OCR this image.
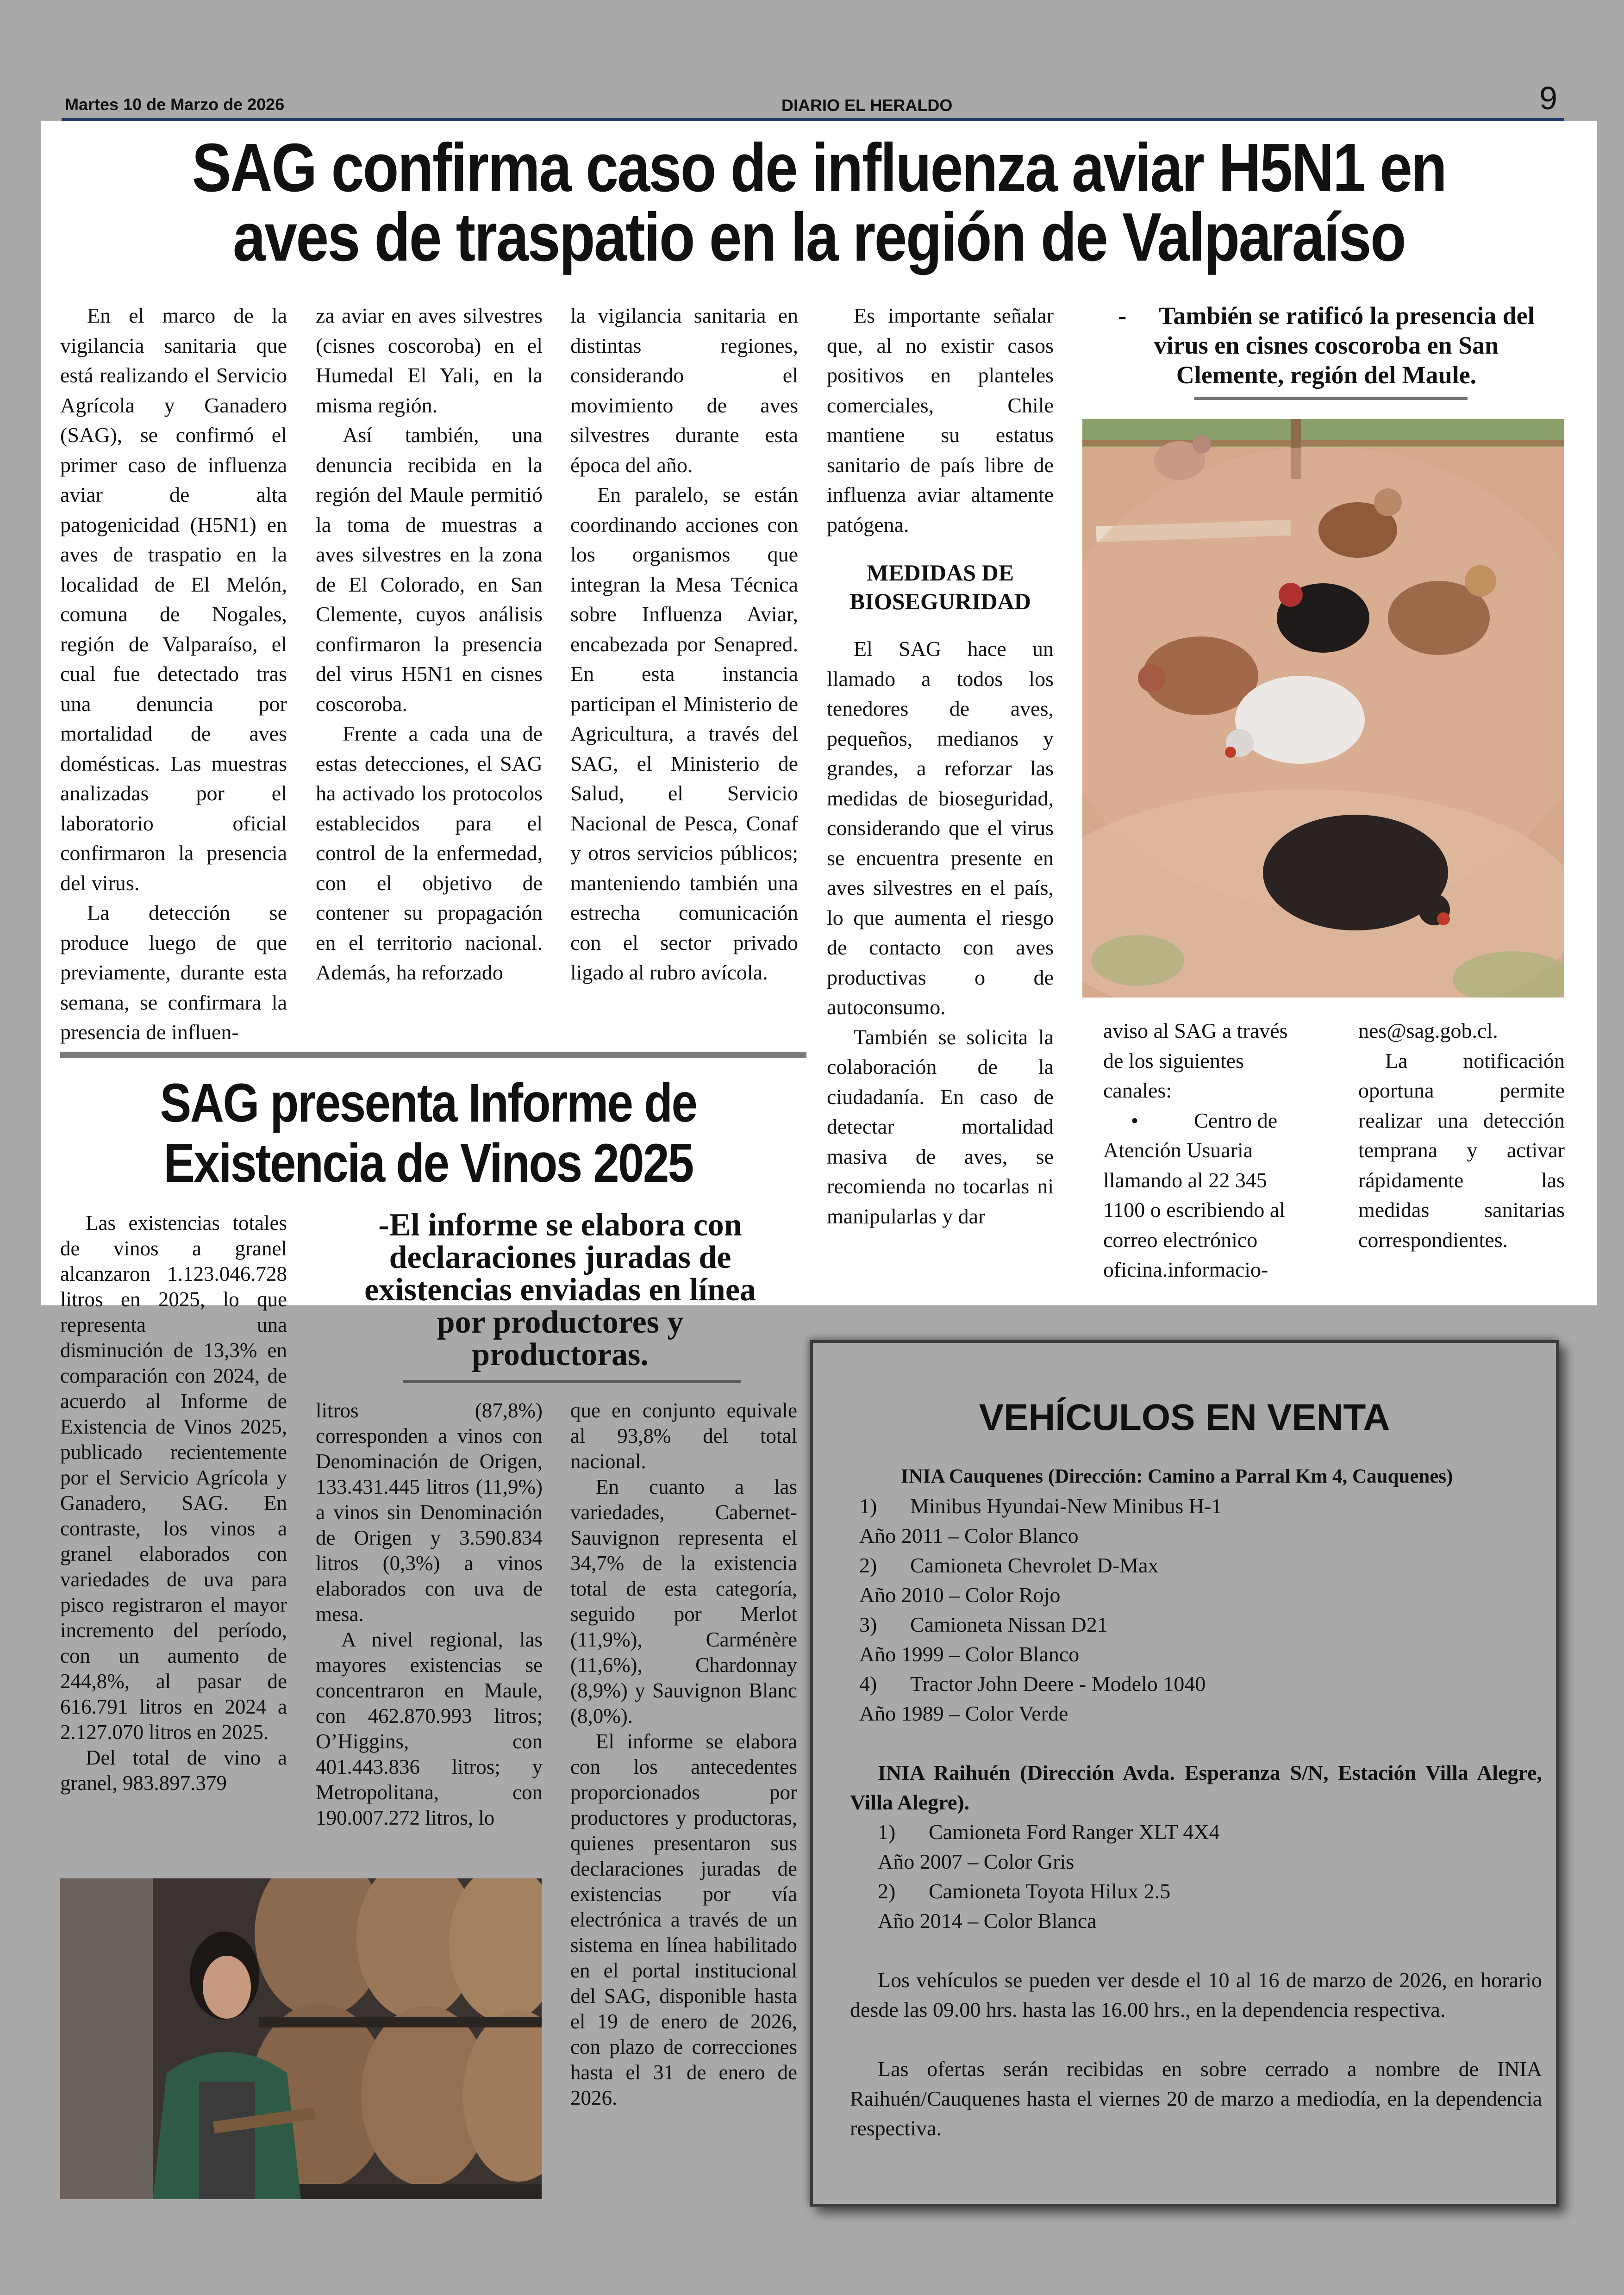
Martes 10 de Marzo de 2026	DIARIO EL HERALDO	9
SAG confirma caso de influenza aviar H5N1 en
aves de traspatio en la región de Valparaíso

En el marco de la vigilancia sanitaria que está realizando el Servicio Agrícola y Ganadero (SAG), se confirmó el primer caso de influenza aviar de alta patogenicidad (H5N1) en aves de traspatio en la localidad de El Melón, comuna de Nogales, región de Valparaíso, el cual fue detectado tras una denuncia por mortalidad de aves domésticas. Las muestras analizadas por el laboratorio oficial confirmaron la presencia del virus.

La detección se produce luego de que previamente, durante esta semana, se confirmara la presencia de influen-

za aviar en aves silvestres (cisnes coscoroba) en el Humedal El Yali, en la misma región.

Así también, una denuncia recibida en la región del Maule permitió la toma de muestras a aves silvestres en la zona de El Colorado, en San Clemente, cuyos análisis confirmaron la presencia del virus H5N1 en cisnes coscoroba.

Frente a cada una de estas detecciones, el SAG ha activado los protocolos establecidos para el control de la enfermedad, con el objetivo de contener su propagación en el territorio nacional. Además, ha reforzado

la vigilancia sanitaria en distintas regiones, considerando el movimiento de aves silvestres durante esta época del año.

En paralelo, se están coordinando acciones con los organismos que integran la Mesa Técnica sobre Influenza Aviar, encabezada por Senapred. En esta instancia participan el Ministerio de Agricultura, a través del SAG, el Ministerio de Salud, el Servicio Nacional de Pesca, Conaf y otros servicios públicos; manteniendo también una estrecha comunicación con el sector privado ligado al rubro avícola.

Es importante señalar que, al no existir casos positivos en planteles comerciales, Chile mantiene su estatus sanitario de país libre de influenza aviar altamente patógena.

MEDIDAS DE BIOSEGURIDAD

El SAG hace un llamado a todos los tenedores de aves, pequeños, medianos y grandes, a reforzar las medidas de bioseguridad, considerando que el virus se encuentra presente en aves silvestres en el país, lo que aumenta el riesgo de contacto con aves productivas o de autoconsumo.

También se solicita la colaboración de la ciudadanía. En caso de detectar mortalidad masiva de aves, se recomienda no tocarlas ni manipularlas y dar

- También se ratificó la presencia del virus en cisnes coscoroba en San Clemente, región del Maule.

aviso al SAG a través de los siguientes canales:

•	Centro de Atención Usuaria llamando al 22 345 1100 o escribiendo al correo electrónico oficina.informacio-

nes@sag.gob.cl.

La notificación oportuna permite realizar una detección temprana y activar rápidamente las medidas sanitarias correspondientes.

SAG presenta Informe de
Existencia de Vinos 2025
-El informe se elabora con declaraciones juradas de existencias enviadas en línea por productores y productoras.

Las existencias totales de vinos a granel alcanzaron 1.123.046.728 litros en 2025, lo que representa una disminución de 13,3% en comparación con 2024, de acuerdo al Informe de Existencia de Vinos 2025, publicado recientemente por el Servicio Agrícola y Ganadero, SAG. En contraste, los vinos a granel elaborados con variedades de uva para pisco registraron el mayor incremento del período, con un aumento de 244,8%, al pasar de 616.791 litros en 2024 a 2.127.070 litros en 2025.

Del total de vino a granel, 983.897.379

litros (87,8%) corresponden a vinos con Denominación de Origen, 133.431.445 litros (11,9%) a vinos sin Denominación de Origen y 3.590.834 litros (0,3%) a vinos elaborados con uva de mesa.

A nivel regional, las mayores existencias se concentraron en Maule, con 462.870.993 litros; O’Higgins, con 401.443.836 litros; y Metropolitana, con 190.007.272 litros, lo

que en conjunto equivale al 93,8% del total nacional.

En cuanto a las variedades, Cabernet-Sauvignon representa el 34,7% de la existencia total de esta categoría, seguido por Merlot (11,9%), Carménère (11,6%), Chardonnay (8,9%) y Sauvignon Blanc (8,0%).

El informe se elabora con los antecedentes proporcionados por productores y productoras, quienes presentaron sus declaraciones juradas de existencias por vía electrónica a través de un sistema en línea habilitado en el portal institucional del SAG, disponible hasta el 19 de enero de 2026, con plazo de correcciones hasta el 31 de enero de 2026.

VEHÍCULOS EN VENTA
INIA Cauquenes (Dirección: Camino a Parral Km 4, Cauquenes)
1)	Minibus Hyundai-New Minibus H-1
Año 2011 – Color Blanco
2)	Camioneta Chevrolet D-Max
Año 2010 – Color Rojo
3)	Camioneta Nissan D21
Año 1999 – Color Blanco
4)	Tractor John Deere - Modelo 1040
Año 1989 – Color Verde
INIA Raihuén (Dirección Avda. Esperanza S/N, Estación Villa Alegre, Villa Alegre).
1)	Camioneta Ford Ranger XLT 4X4
Año 2007 – Color Gris
2)	Camioneta Toyota Hilux 2.5
Año 2014 – Color Blanca
Los vehículos se pueden ver desde el 10 al 16 de marzo de 2026, en horario desde las 09.00 hrs. hasta las 16.00 hrs., en la dependencia respectiva.
Las ofertas serán recibidas en sobre cerrado a nombre de INIA Raihuén/Cauquenes hasta el viernes 20 de marzo a mediodía, en la dependencia respectiva.
